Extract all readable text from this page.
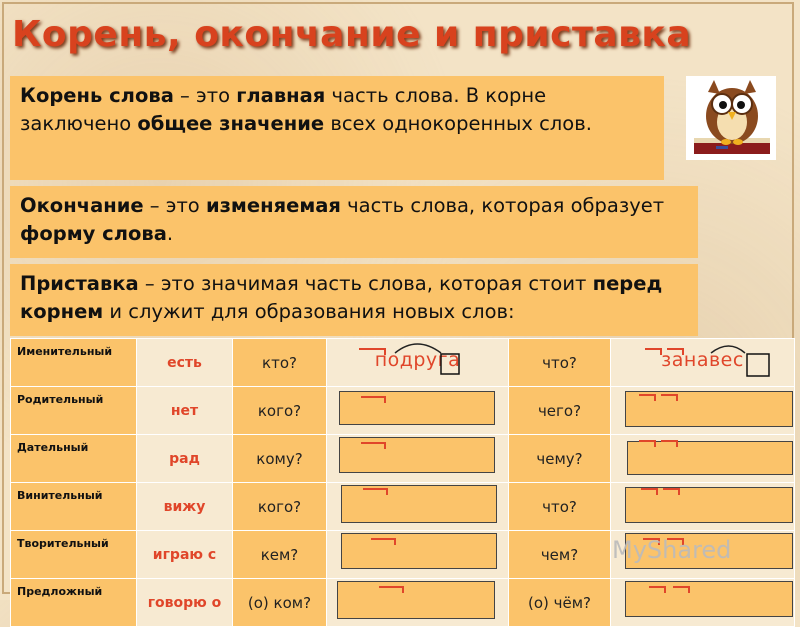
Корень, окончание и приставка
Корень слова – это главная часть слова. В корне заключено общее значение всех однокоренных слов.
Окончание – это изменяемая часть слова, которая образует форму слова.
Приставка – это значимая часть слова, которая стоит перед корнем и служит для образования новых слов:
Именительный	есть	кто?	подруга	что?	занавес

Родительный	нет	кого?		чего?	

Дательный	рад	кому?		чему?	

Винительный	вижу	кого?		что?	

Творительный	играю с	кем?		чем?	

Предложный	говорю о	(о) ком?		(о) чём?	
MyShared
